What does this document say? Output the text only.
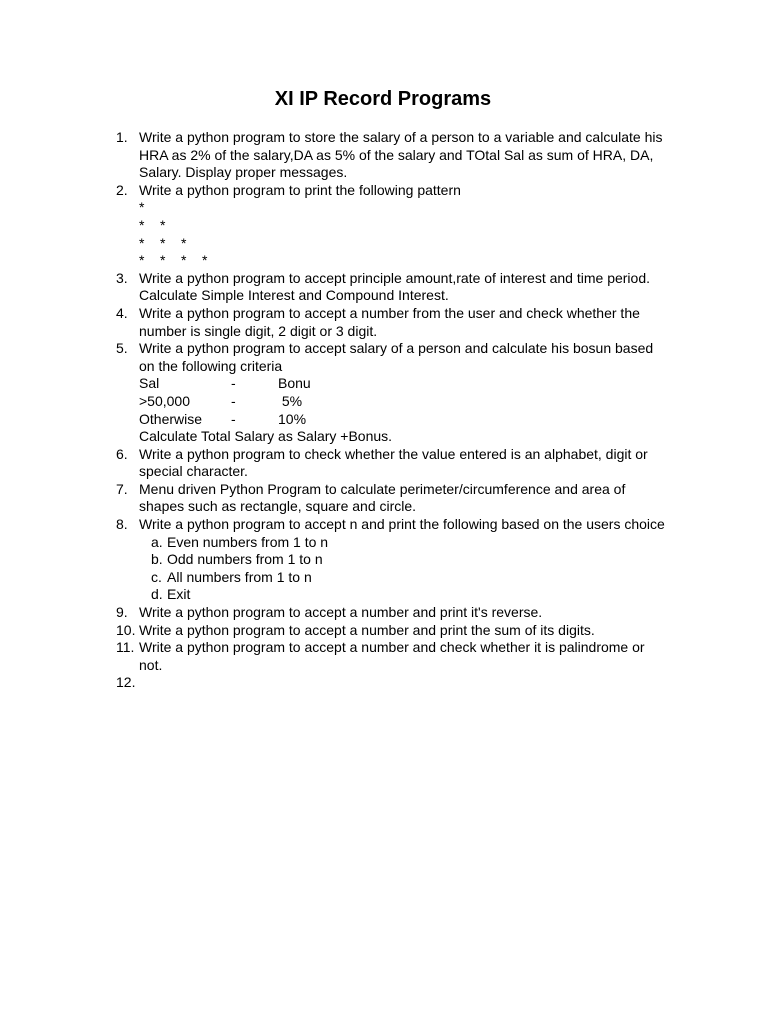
XI IP Record Programs
1. Write a python program to store the salary of a person to a variable and calculate his
HRA as 2% of the salary,DA as 5% of the salary and TOtal Sal as sum of HRA, DA,
Salary. Display proper messages.
2. Write a python program to print the following pattern
*
*	*
*	*	*
*	*	*	*
3. Write a python program to accept principle amount,rate of interest and time period.
Calculate Simple Interest and Compound Interest.
4. Write a python program to accept a number from the user and check whether the
number is single digit, 2 digit or 3 digit.
5. Write a python program to accept salary of a person and calculate his bosun based
on the following criteria
Sal	-	Bonu
>50,000	-	5%
Otherwise	-	10%
Calculate Total Salary as Salary +Bonus.
6. Write a python program to check whether the value entered is an alphabet, digit or
special character.
7. Menu driven Python Program to calculate perimeter/circumference and area of
shapes such as rectangle, square and circle.
8. Write a python program to accept n and print the following based on the users choice
a. Even numbers from 1 to n
b. Odd numbers from 1 to n
c. All numbers from 1 to n
d. Exit
9. Write a python program to accept a number and print it's reverse.
10. Write a python program to accept a number and print the sum of its digits.
11. Write a python program to accept a number and check whether it is palindrome or
not.
12.
